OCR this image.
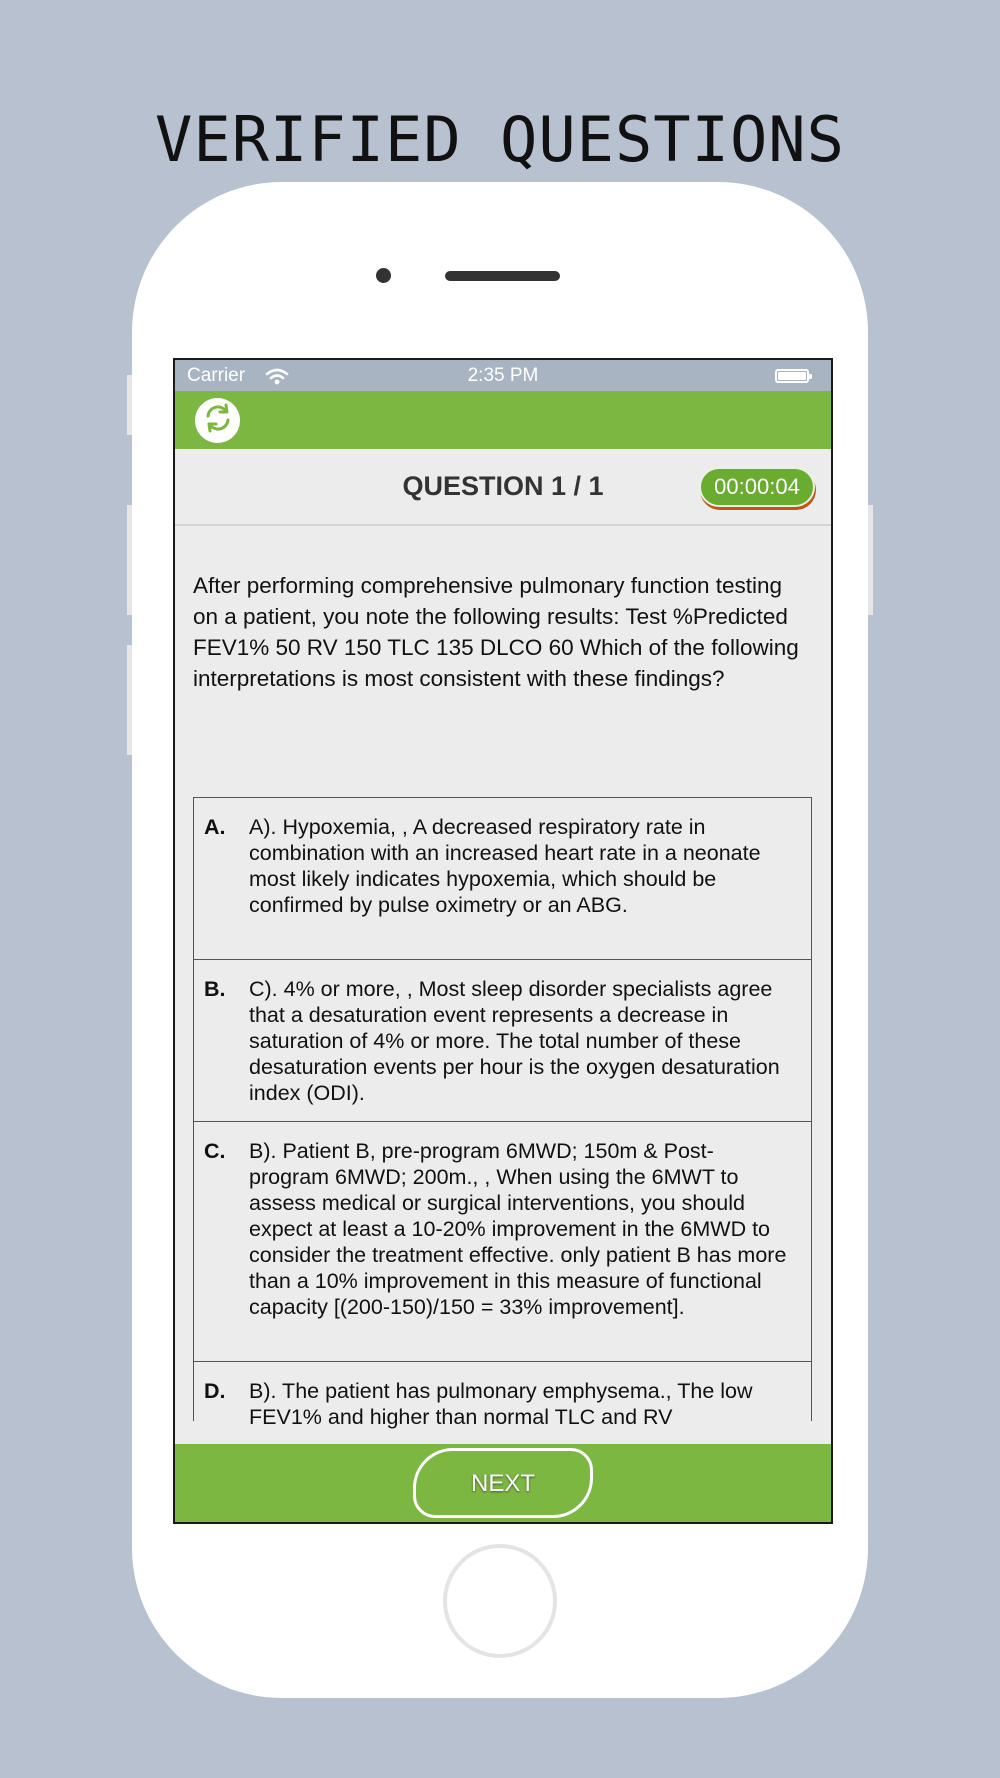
VERIFIED QUESTIONS
Carrier	2:35 PM
QUESTION 1 / 1	00:00:04
After performing comprehensive pulmonary function testing on a patient, you note the following results: Test %Predicted FEV1% 50 RV 150 TLC 135 DLCO 60 Which of the following interpretations is most consistent with these findings?
A. A). Hypoxemia, , A decreased respiratory rate in combination with an increased heart rate in a neonate most likely indicates hypoxemia, which should be confirmed by pulse oximetry or an ABG.
B. C). 4% or more, , Most sleep disorder specialists agree that a desaturation event represents a decrease in saturation of 4% or more. The total number of these desaturation events per hour is the oxygen desaturation index (ODI).
C. B). Patient B, pre-program 6MWD; 150m & Post-program 6MWD; 200m., , When using the 6MWT to assess medical or surgical interventions, you should expect at least a 10-20% improvement in the 6MWD to consider the treatment effective. only patient B has more than a 10% improvement in this measure of functional capacity [(200-150)/150 = 33% improvement].
D. B). The patient has pulmonary emphysema., The low FEV1% and higher than normal TLC and RV
NEXT
